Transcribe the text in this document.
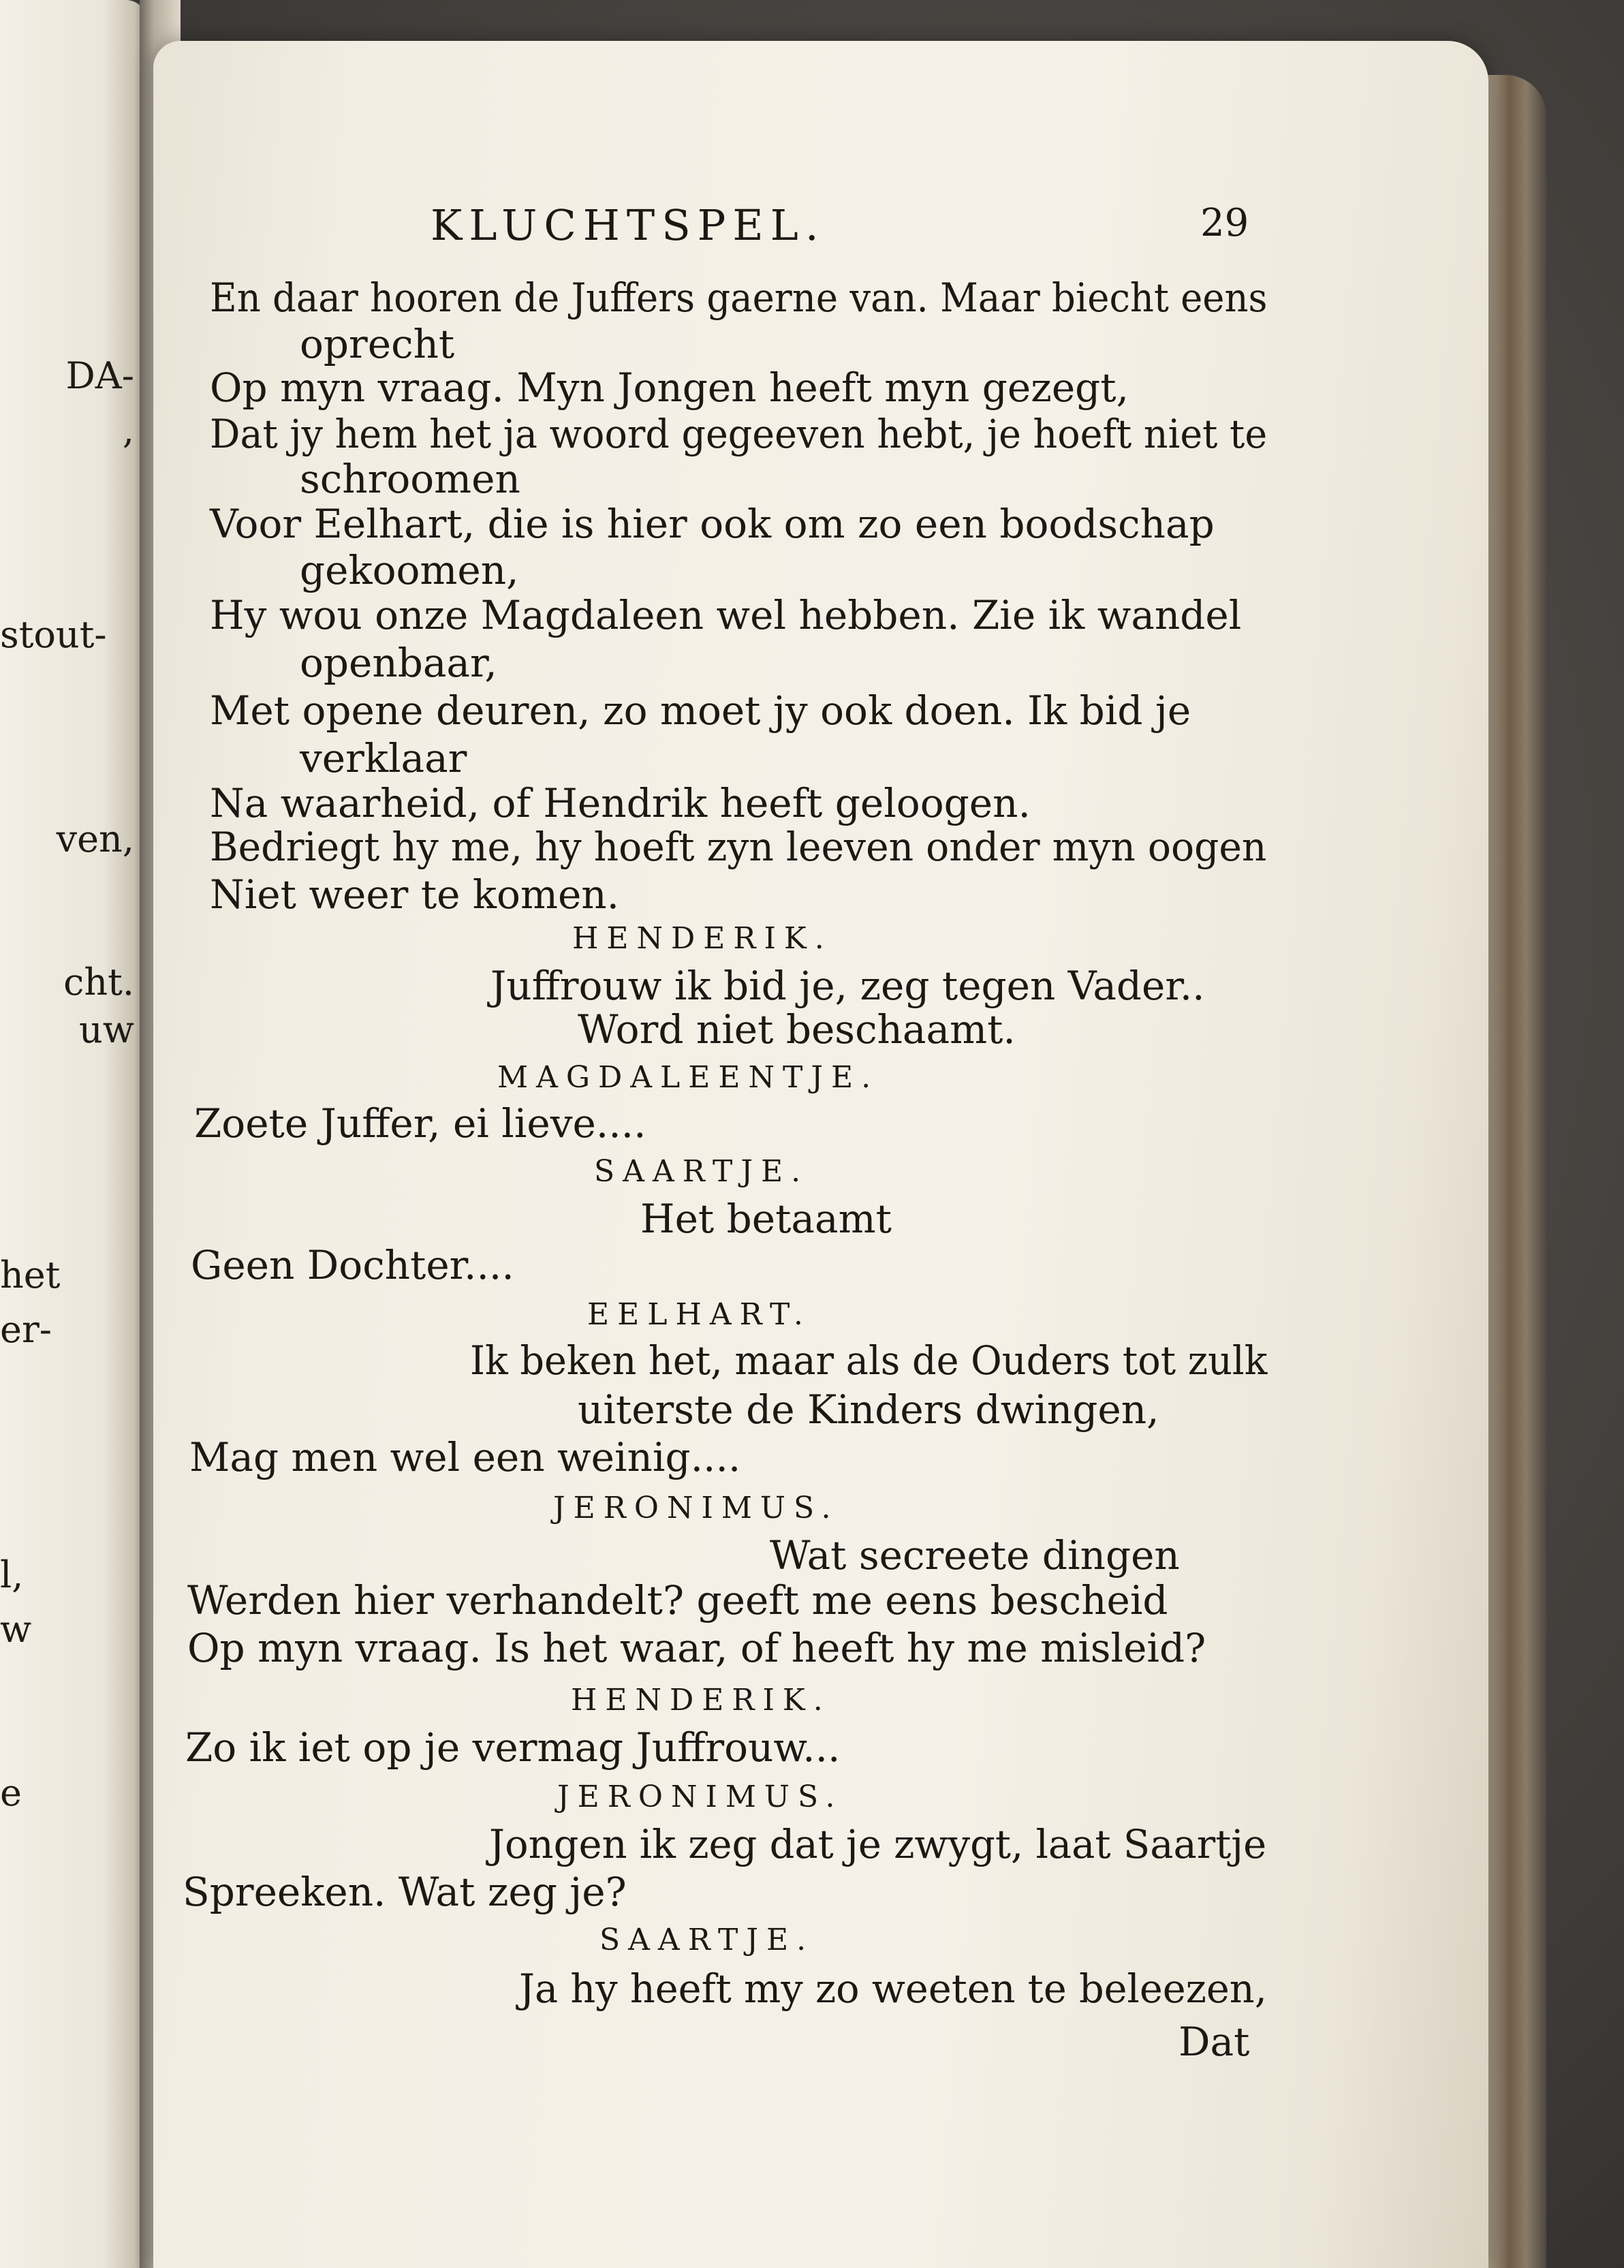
DA-
,
stout-
ven,
cht.
uw
het
er-
l,
w
e
KLUCHTSPEL.	29
En daar hooren de Juffers gaerne van. Maar biecht eens
oprecht
Op myn vraag. Myn Jongen heeft myn gezegt,
Dat jy hem het ja woord gegeeven hebt, je hoeft niet te
schroomen
Voor Eelhart, die is hier ook om zo een boodschap
gekoomen,
Hy wou onze Magdaleen wel hebben. Zie ik wandel
openbaar,
Met opene deuren, zo moet jy ook doen. Ik bid je
verklaar
Na waarheid, of Hendrik heeft geloogen.
Bedriegt hy me, hy hoeft zyn leeven onder myn oogen
Niet weer te komen.
HENDERIK.
Juffrouw ik bid je, zeg tegen Vader..
Word niet beschaamt.
MAGDALEENTJE.
Zoete Juffer, ei lieve....
SAARTJE.
Het betaamt
Geen Dochter....
EELHART.
Ik beken het, maar als de Ouders tot zulk
uiterste de Kinders dwingen,
Mag men wel een weinig....
JERONIMUS.
Wat secreete dingen
Werden hier verhandelt? geeft me eens bescheid
Op myn vraag. Is het waar, of heeft hy me misleid?
HENDERIK.
Zo ik iet op je vermag Juffrouw...
JERONIMUS.
Jongen ik zeg dat je zwygt, laat Saartje
Spreeken. Wat zeg je?
SAARTJE.
Ja hy heeft my zo weeten te beleezen,
Dat
